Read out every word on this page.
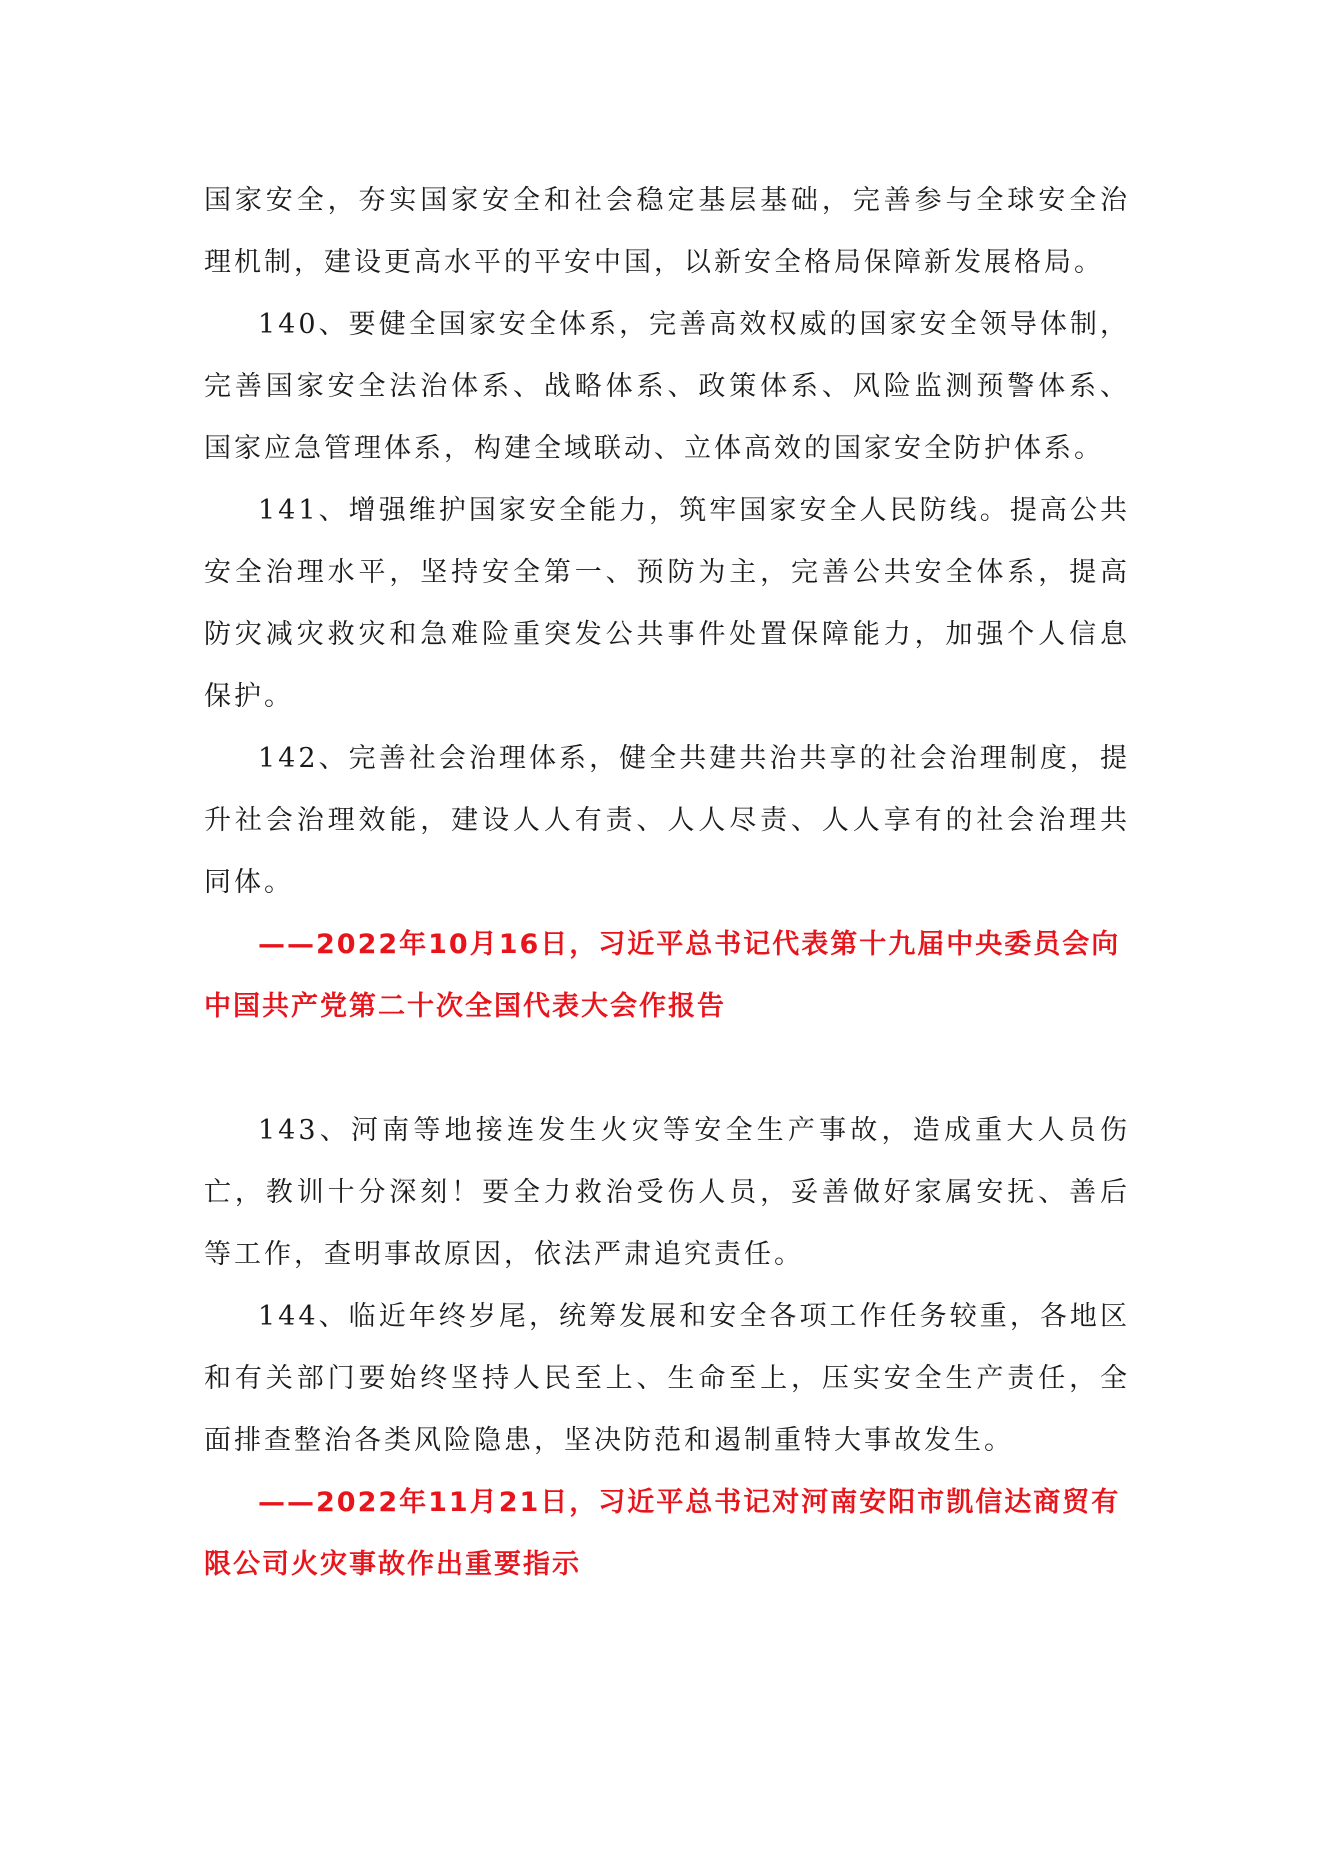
国家安全，夯实国家安全和社会稳定基层基础，完善参与全球安全治理机制，建设更高水平的平安中国，以新安全格局保障新发展格局。

140、要健全国家安全体系，完善高效权威的国家安全领导体制，完善国家安全法治体系、战略体系、政策体系、风险监测预警体系、国家应急管理体系，构建全域联动、立体高效的国家安全防护体系。

141、增强维护国家安全能力，筑牢国家安全人民防线。提高公共安全治理水平，坚持安全第一、预防为主，完善公共安全体系，提高防灾减灾救灾和急难险重突发公共事件处置保障能力，加强个人信息保护。

142、完善社会治理体系，健全共建共治共享的社会治理制度，提升社会治理效能，建设人人有责、人人尽责、人人享有的社会治理共同体。

——2022年10月16日，习近平总书记代表第十九届中央委员会向中国共产党第二十次全国代表大会作报告

143、河南等地接连发生火灾等安全生产事故，造成重大人员伤亡，教训十分深刻！要全力救治受伤人员，妥善做好家属安抚、善后等工作，查明事故原因，依法严肃追究责任。

144、临近年终岁尾，统筹发展和安全各项工作任务较重，各地区和有关部门要始终坚持人民至上、生命至上，压实安全生产责任，全面排查整治各类风险隐患，坚决防范和遏制重特大事故发生。

——2022年11月21日，习近平总书记对河南安阳市凯信达商贸有限公司火灾事故作出重要指示
